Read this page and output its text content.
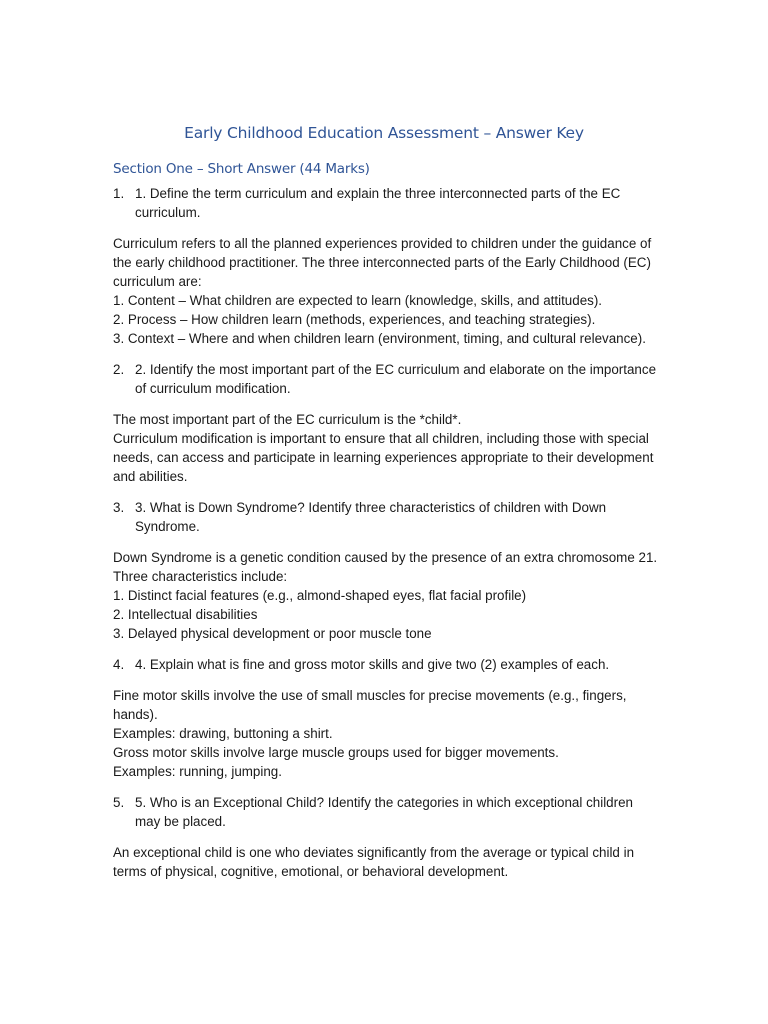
Early Childhood Education Assessment – Answer Key
Section One – Short Answer (44 Marks)
1. 1. Define the term curriculum and explain the three interconnected parts of the EC curriculum.

Curriculum refers to all the planned experiences provided to children under the guidance of the early childhood practitioner. The three interconnected parts of the Early Childhood (EC) curriculum are:

1. Content – What children are expected to learn (knowledge, skills, and attitudes).

2. Process – How children learn (methods, experiences, and teaching strategies).

3. Context – Where and when children learn (environment, timing, and cultural relevance).

2. 2. Identify the most important part of the EC curriculum and elaborate on the importance of curriculum modification.

The most important part of the EC curriculum is the *child*.

Curriculum modification is important to ensure that all children, including those with special needs, can access and participate in learning experiences appropriate to their development and abilities.

3. 3. What is Down Syndrome? Identify three characteristics of children with Down Syndrome.

Down Syndrome is a genetic condition caused by the presence of an extra chromosome 21.

Three characteristics include:

1. Distinct facial features (e.g., almond-shaped eyes, flat facial profile)

2. Intellectual disabilities

3. Delayed physical development or poor muscle tone

4. 4. Explain what is fine and gross motor skills and give two (2) examples of each.

Fine motor skills involve the use of small muscles for precise movements (e.g., fingers, hands).

Examples: drawing, buttoning a shirt.

Gross motor skills involve large muscle groups used for bigger movements.

Examples: running, jumping.

5. 5. Who is an Exceptional Child? Identify the categories in which exceptional children may be placed.

An exceptional child is one who deviates significantly from the average or typical child in terms of physical, cognitive, emotional, or behavioral development.
